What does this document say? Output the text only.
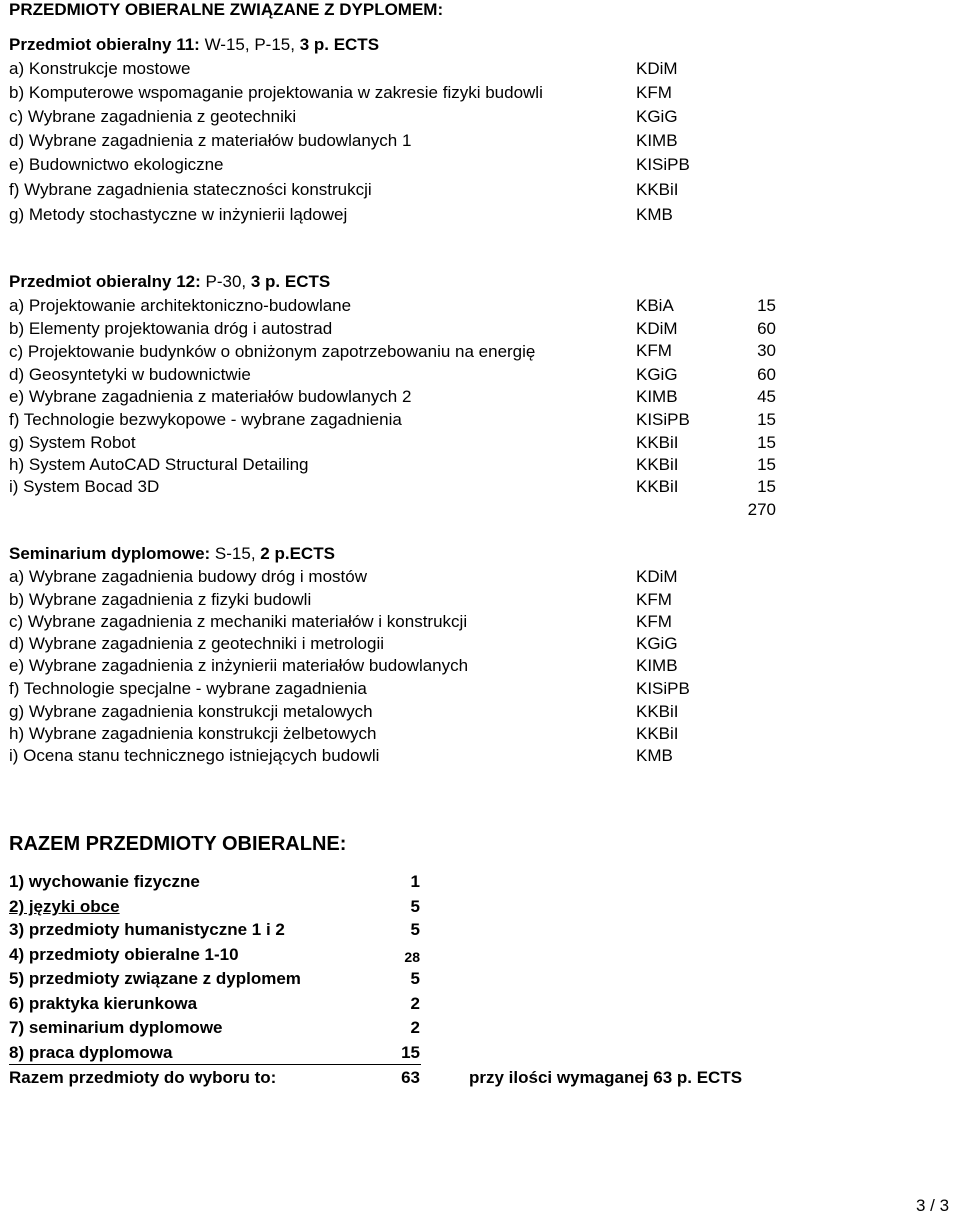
PRZEDMIOTY OBIERALNE ZWIĄZANE Z DYPLOMEM:
Przedmiot obieralny 11: W-15, P-15, 3 p. ECTS
a) Konstrukcje mostowe	KDiM
b) Komputerowe wspomaganie projektowania w zakresie fizyki budowli	KFM
c) Wybrane zagadnienia z geotechniki	KGiG
d) Wybrane zagadnienia z materiałów budowlanych 1	KIMB
e) Budownictwo ekologiczne	KISiPB
f) Wybrane zagadnienia stateczności konstrukcji	KKBiI
g) Metody stochastyczne w inżynierii lądowej	KMB
Przedmiot obieralny 12: P-30, 3 p. ECTS
a) Projektowanie architektoniczno-budowlane	KBiA	15
b) Elementy projektowania dróg i autostrad	KDiM	60
c) Projektowanie budynków o obniżonym zapotrzebowaniu na energię	KFM	30
d) Geosyntetyki w budownictwie	KGiG	60
e) Wybrane zagadnienia z materiałów budowlanych 2	KIMB	45
f) Technologie bezwykopowe - wybrane zagadnienia	KISiPB	15
g) System Robot	KKBiI	15
h) System AutoCAD Structural Detailing	KKBiI	15
i) System Bocad 3D	KKBiI	15
270
Seminarium dyplomowe: S-15, 2 p.ECTS
a) Wybrane zagadnienia budowy dróg i mostów	KDiM
b) Wybrane zagadnienia z fizyki budowli	KFM
c) Wybrane zagadnienia z mechaniki materiałów i konstrukcji	KFM
d) Wybrane zagadnienia z geotechniki i metrologii	KGiG
e) Wybrane zagadnienia z inżynierii materiałów budowlanych	KIMB
f) Technologie specjalne - wybrane zagadnienia	KISiPB
g) Wybrane zagadnienia konstrukcji metalowych	KKBiI
h) Wybrane zagadnienia konstrukcji żelbetowych	KKBiI
i) Ocena stanu technicznego istniejących budowli	KMB
RAZEM PRZEDMIOTY OBIERALNE:
1) wychowanie fizyczne	1
2) języki obce	5
3) przedmioty humanistyczne 1 i 2	5
4) przedmioty obieralne 1-10	28
5) przedmioty związane z dyplomem	5
6) praktyka kierunkowa	2
7) seminarium dyplomowe	2
8) praca dyplomowa	15
Razem przedmioty do wyboru to:	63	przy ilości wymaganej 63 p. ECTS
3 / 3
